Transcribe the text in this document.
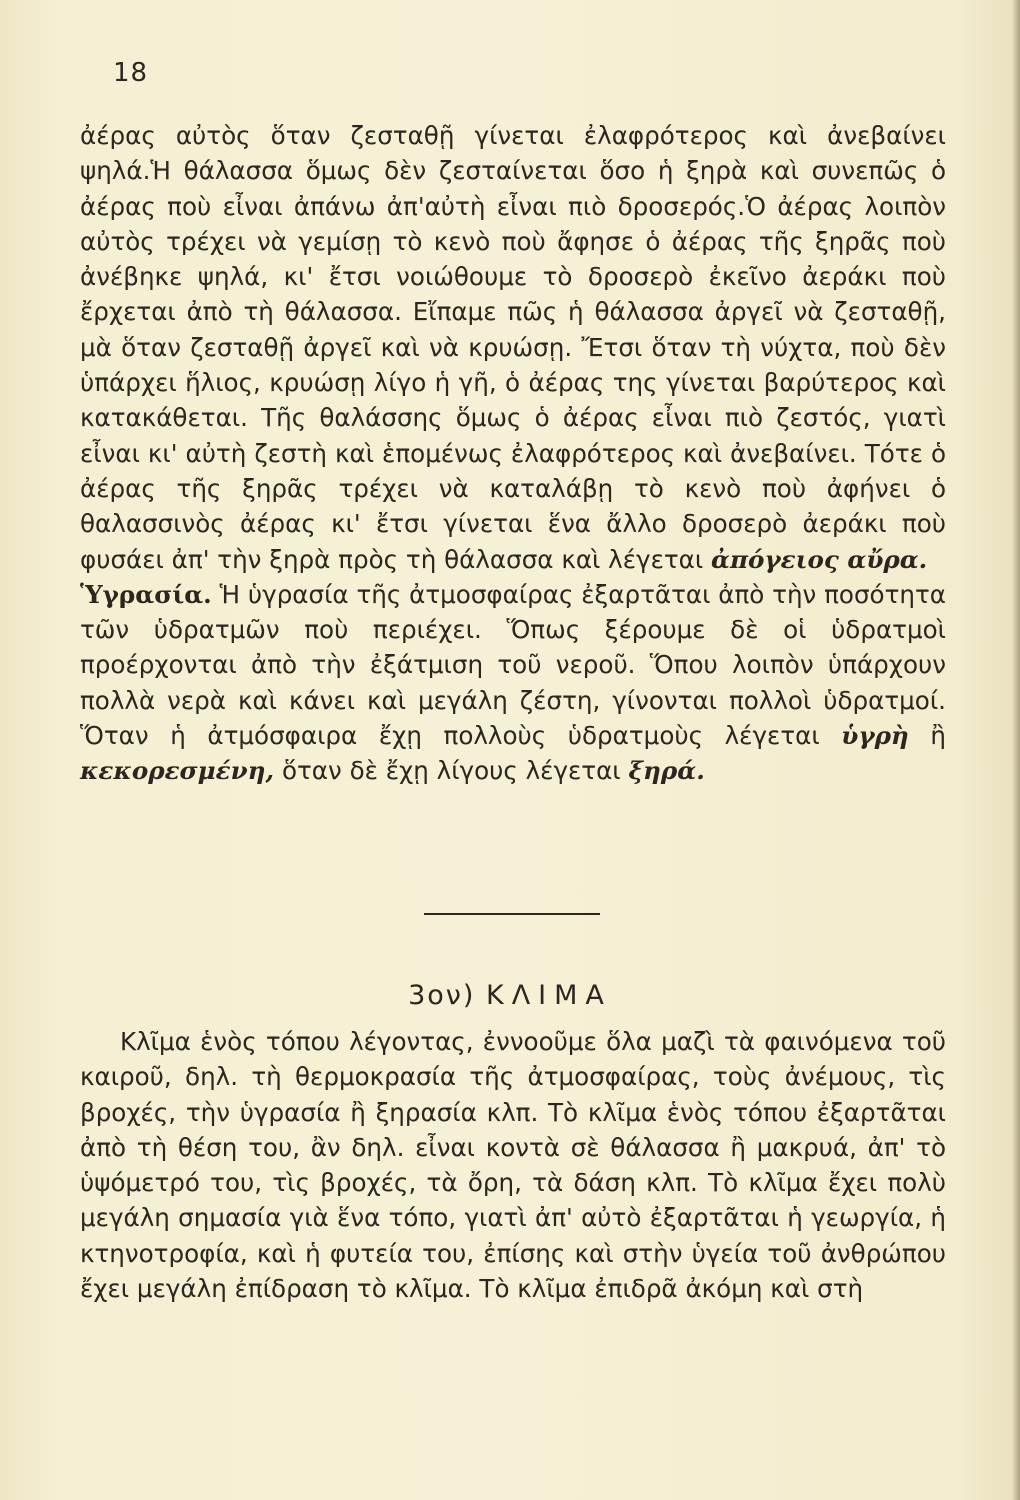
18

ἀέρας αὐτὸς ὅταν ζεσταθῇ γίνεται ἐλαφρότερος καὶ ἀνεβαίνει ψηλά.Ἡ θάλασσα ὅμως δὲν ζεσταίνεται ὅσο ἡ ξηρὰ καὶ συνεπῶς ὁ ἀέρας ποὺ εἶναι ἀπάνω ἀπ'αὐτὴ εἶναι πιὸ δροσερός.Ὁ ἀέρας λοιπὸν αὐτὸς τρέχει νὰ γεμίσῃ τὸ κενὸ ποὺ ἄφησε ὁ ἀέρας τῆς ξηρᾶς ποὺ ἀνέβηκε ψηλά, κι' ἔτσι νοιώθουμε τὸ δροσερὸ ἐκεῖνο ἀεράκι ποὺ ἔρχεται ἀπὸ τὴ θάλασσα. Εἴπαμε πῶς ἡ θάλασσα ἀργεῖ νὰ ζεσταθῇ, μὰ ὅταν ζεσταθῇ ἀργεῖ καὶ νὰ κρυώσῃ. Ἔτσι ὅταν τὴ νύχτα, ποὺ δὲν ὑπάρχει ἥλιος, κρυώσῃ λίγο ἡ γῆ, ὁ ἀέρας της γίνεται βαρύτερος καὶ κατακάθεται. Τῆς θαλάσσης ὅμως ὁ ἀέρας εἶναι πιὸ ζεστός, γιατὶ εἶναι κι' αὐτὴ ζεστὴ καὶ ἑπομένως ἐλαφρότερος καὶ ἀνεβαίνει. Τότε ὁ ἀέρας τῆς ξηρᾶς τρέχει νὰ καταλάβῃ τὸ κενὸ ποὺ ἀφήνει ὁ θαλασσινὸς ἀέρας κι' ἔτσι γίνεται ἕνα ἄλλο δροσερὸ ἀεράκι ποὺ φυσάει ἀπ' τὴν ξηρὰ πρὸς τὴ θάλασσα καὶ λέγεται ἀπόγειος αὔρα.

Ὑγρασία. Ἡ ὑγρασία τῆς ἀτμοσφαίρας ἐξαρτᾶται ἀπὸ τὴν ποσότητα τῶν ὑδρατμῶν ποὺ περιέχει. Ὅπως ξέρουμε δὲ οἱ ὑδρατμοὶ προέρχονται ἀπὸ τὴν ἐξάτμιση τοῦ νεροῦ. Ὅπου λοιπὸν ὑπάρχουν πολλὰ νερὰ καὶ κάνει καὶ μεγάλη ζέστη, γίνονται πολλοὶ ὑδρατμοί. Ὅταν ἡ ἀτμόσφαιρα ἔχῃ πολλοὺς ὑδρατμοὺς λέγεται ὑγρὴ ἢ κεκορεσμένη, ὅταν δὲ ἔχῃ λίγους λέγεται ξηρά.

3ον) ΚΛΙΜΑ

Κλῖμα ἑνὸς τόπου λέγοντας, ἐννοοῦμε ὅλα μαζὶ τὰ φαινόμενα τοῦ καιροῦ, δηλ. τὴ θερμοκρασία τῆς ἀτμοσφαίρας, τοὺς ἀνέμους, τὶς βροχές, τὴν ὑγρασία ἢ ξηρασία κλπ. Τὸ κλῖμα ἑνὸς τόπου ἐξαρτᾶται ἀπὸ τὴ θέση του, ἂν δηλ. εἶναι κοντὰ σὲ θάλασσα ἢ μακρυά, ἀπ' τὸ ὑψόμετρό του, τὶς βροχές, τὰ ὄρη, τὰ δάση κλπ. Τὸ κλῖμα ἔχει πολὺ μεγάλη σημασία γιὰ ἕνα τόπο, γιατὶ ἀπ' αὐτὸ ἐξαρτᾶται ἡ γεωργία, ἡ κτηνοτροφία, καὶ ἡ φυτεία του, ἐπίσης καὶ στὴν ὑγεία τοῦ ἀνθρώπου ἔχει μεγάλη ἐπίδραση τὸ κλῖμα. Τὸ κλῖμα ἐπιδρᾶ ἀκόμη καὶ στὴ
